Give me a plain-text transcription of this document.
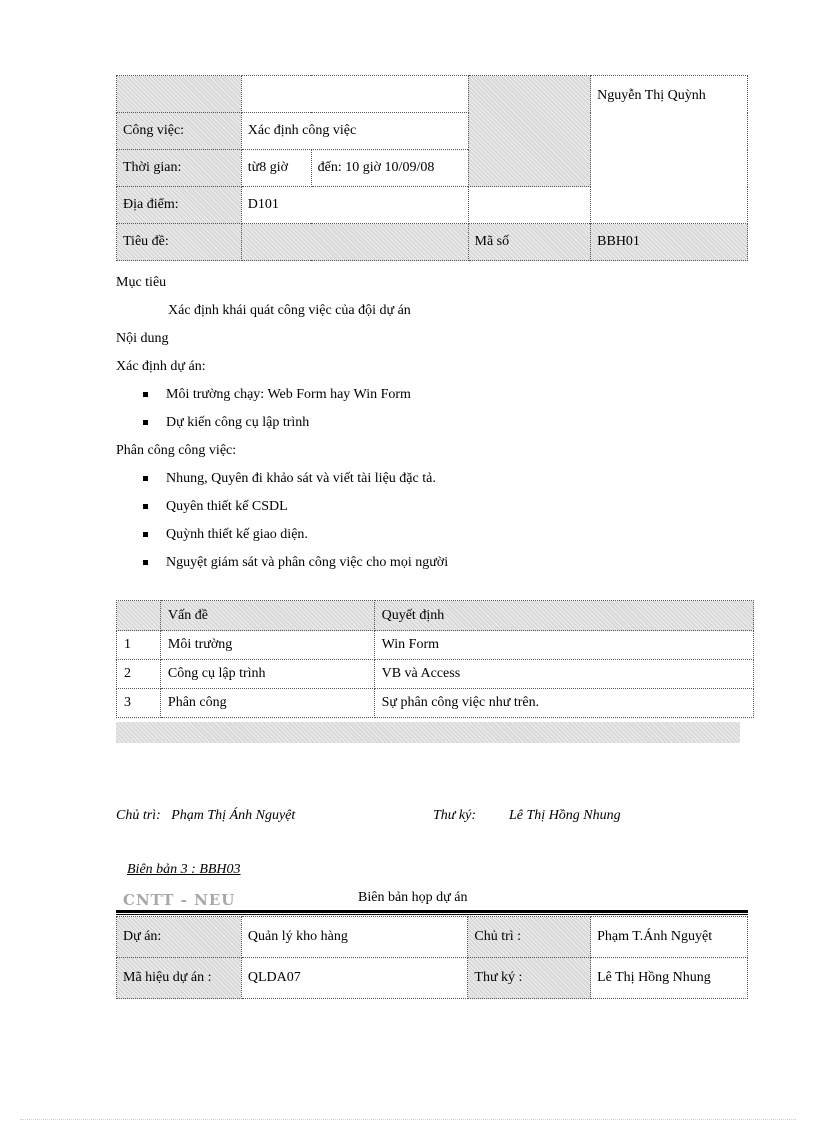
				Nguyễn Thị Quỳnh
Công việc:	Xác định công việc			
Thời gian:	từ8 giờ	đến: 10 giờ 10/09/08		
Địa điểm:	D101			
Tiêu đề:			Mã số	BBH01
Mục tiêu
Xác định khái quát công việc của đội dự án
Nội dung
Xác định dự án:
Môi trường chạy: Web Form hay Win Form
Dự kiến công cụ lập trình
Phân công công việc:
Nhung, Quyên đi khảo sát và viết tài liệu đặc tả.
Quyên thiết kế CSDL
Quỳnh thiết kế giao diện.
Nguyệt giám sát và phân công việc cho mọi người
	Vấn đề	Quyết định
1	Môi trường	Win Form
2	Công cụ lập trình	VB và Access
3	Phân công	Sự phân công việc như trên.
Chủ trì: Phạm Thị Ánh Nguyệt	Thư ký: Lê Thị Hồng Nhung
Biên bản 3 : BBH03
CNTT - NEU	Biên bản họp dự án
Dự án:	Quản lý kho hàng	Chủ trì :	Phạm T.Ánh Nguyệt
Mã hiệu dự án :	QLDA07	Thư ký :	Lê Thị Hồng Nhung
